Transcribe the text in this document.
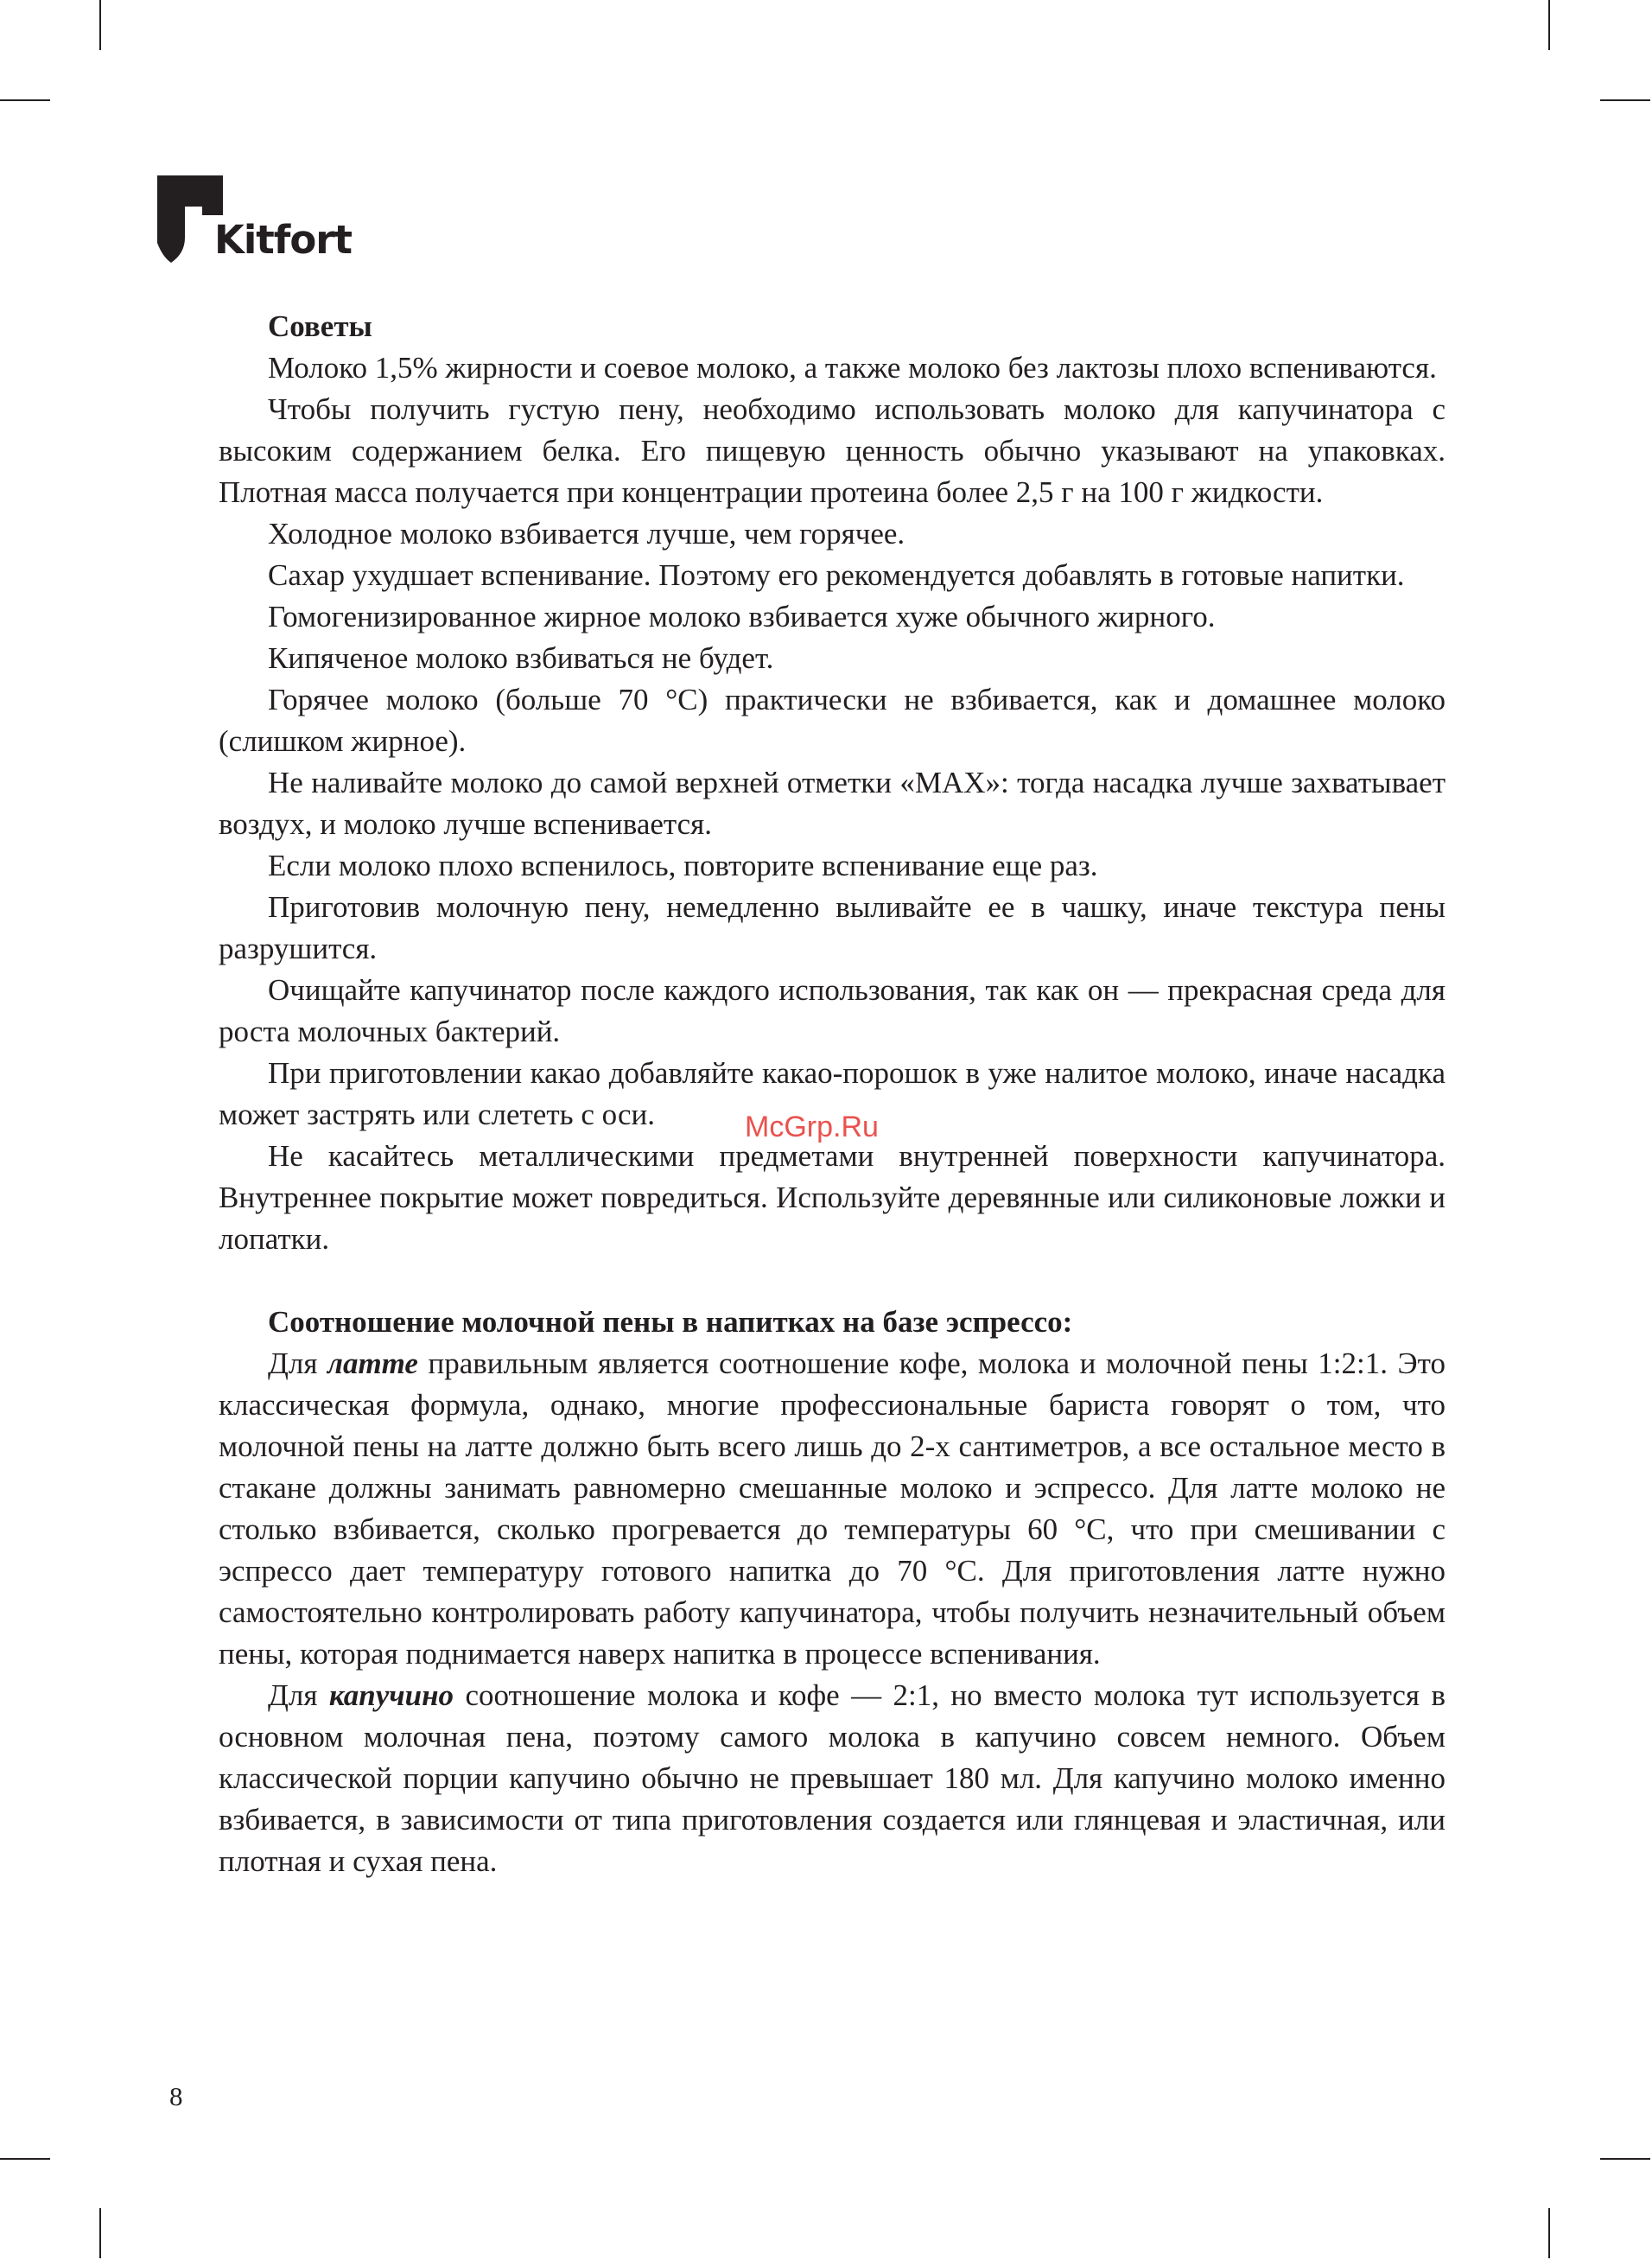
Kitfort
Советы

Молоко 1,5% жирности и соевое молоко, а также молоко без лактозы плохо вспениваются.

Чтобы получить густую пену, необходимо использовать молоко для капучинатора с высоким содержанием белка. Его пищевую ценность обычно указывают на упаковках. Плотная масса получается при концентрации протеина более 2,5 г на 100 г жидкости.

Холодное молоко взбивается лучше, чем горячее.

Сахар ухудшает вспенивание. Поэтому его рекомендуется добавлять в готовые напитки.

Гомогенизированное жирное молоко взбивается хуже обычного жирного.

Кипяченое молоко взбиваться не будет.

Горячее молоко (больше 70 °С) практически не взбивается, как и домашнее молоко (слишком жирное).

Не наливайте молоко до самой верхней отметки «MAX»: тогда насадка лучше захватывает воздух, и молоко лучше вспенивается.

Если молоко плохо вспенилось, повторите вспенивание еще раз.

Приготовив молочную пену, немедленно выливайте ее в чашку, иначе текстура пены разрушится.

Очищайте капучинатор после каждого использования, так как он — прекрасная среда для роста молочных бактерий.

При приготовлении какао добавляйте какао-порошок в уже налитое молоко, иначе насадка может застрять или слететь с оси.

Не касайтесь металлическими предметами внутренней поверхности капучинатора. Внутреннее покрытие может повредиться. Используйте деревянные или силиконовые ложки и лопатки.

Соотношение молочной пены в напитках на базе эспрессо:

Для латте правильным является соотношение кофе, молока и молочной пены 1:2:1. Это классическая формула, однако, многие профессиональные бариста говорят о том, что молочной пены на латте должно быть всего лишь до 2-х сантиметров, а все остальное место в стакане должны занимать равномерно смешанные молоко и эспрессо. Для латте молоко не столько взбивается, сколько прогревается до температуры 60 °С, что при смешивании с эспрессо дает температуру готового напитка до 70 °С. Для приготовления латте нужно самостоятельно контролировать работу капучинатора, чтобы получить незначительный объем пены, которая поднимается наверх напитка в процессе вспенивания.

Для капучино соотношение молока и кофе — 2:1, но вместо молока тут используется в основном молочная пена, поэтому самого молока в капучино совсем немного. Объем классической порции капучино обычно не превышает 180 мл. Для капучино молоко именно взбивается, в зависимости от типа приготовления создается или глянцевая и эластичная, или плотная и сухая пена.

McGrp.Ru
8
